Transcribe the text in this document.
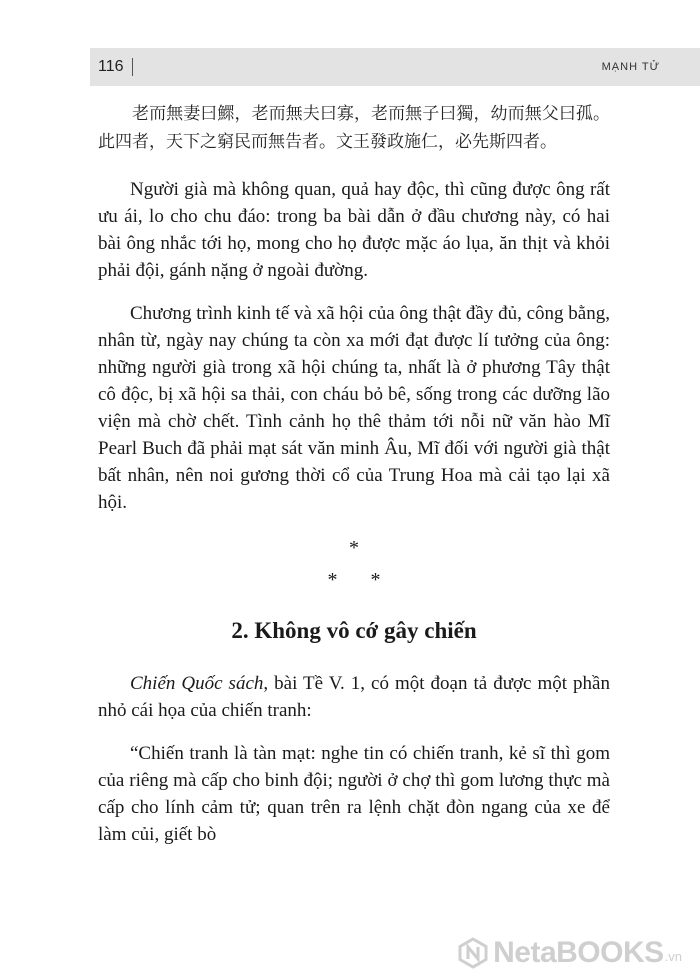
116	MẠNH TỬ

老而無妻曰鰥，老而無夫曰寡，老而無子曰獨，幼而無父曰孤。此四者，天下之窮民而無告者。文王發政施仁，必先斯四者。

Người già mà không quan, quả hay độc, thì cũng được ông rất ưu ái, lo cho chu đáo: trong ba bài dẫn ở đầu chương này, có hai bài ông nhắc tới họ, mong cho họ được mặc áo lụa, ăn thịt và khỏi phải đội, gánh nặng ở ngoài đường.

Chương trình kinh tế và xã hội của ông thật đầy đủ, công bằng, nhân từ, ngày nay chúng ta còn xa mới đạt được lí tưởng của ông: những người già trong xã hội chúng ta, nhất là ở phương Tây thật cô độc, bị xã hội sa thải, con cháu bỏ bê, sống trong các dưỡng lão viện mà chờ chết. Tình cảnh họ thê thảm tới nỗi nữ văn hào Mĩ Pearl Buch đã phải mạt sát văn minh Âu, Mĩ đối với người già thật bất nhân, nên noi gương thời cổ của Trung Hoa mà cải tạo lại xã hội.

*
* *
2. Không vô cớ gây chiến

Chiến Quốc sách, bài Tề V. 1, có một đoạn tả được một phần nhỏ cái họa của chiến tranh:

“Chiến tranh là tàn mạt: nghe tin có chiến tranh, kẻ sĩ thì gom của riêng mà cấp cho binh đội; người ở chợ thì gom lương thực mà cấp cho lính cảm tử; quan trên ra lệnh chặt đòn ngang của xe để làm củi, giết bò

NetaBOOKS .vn
